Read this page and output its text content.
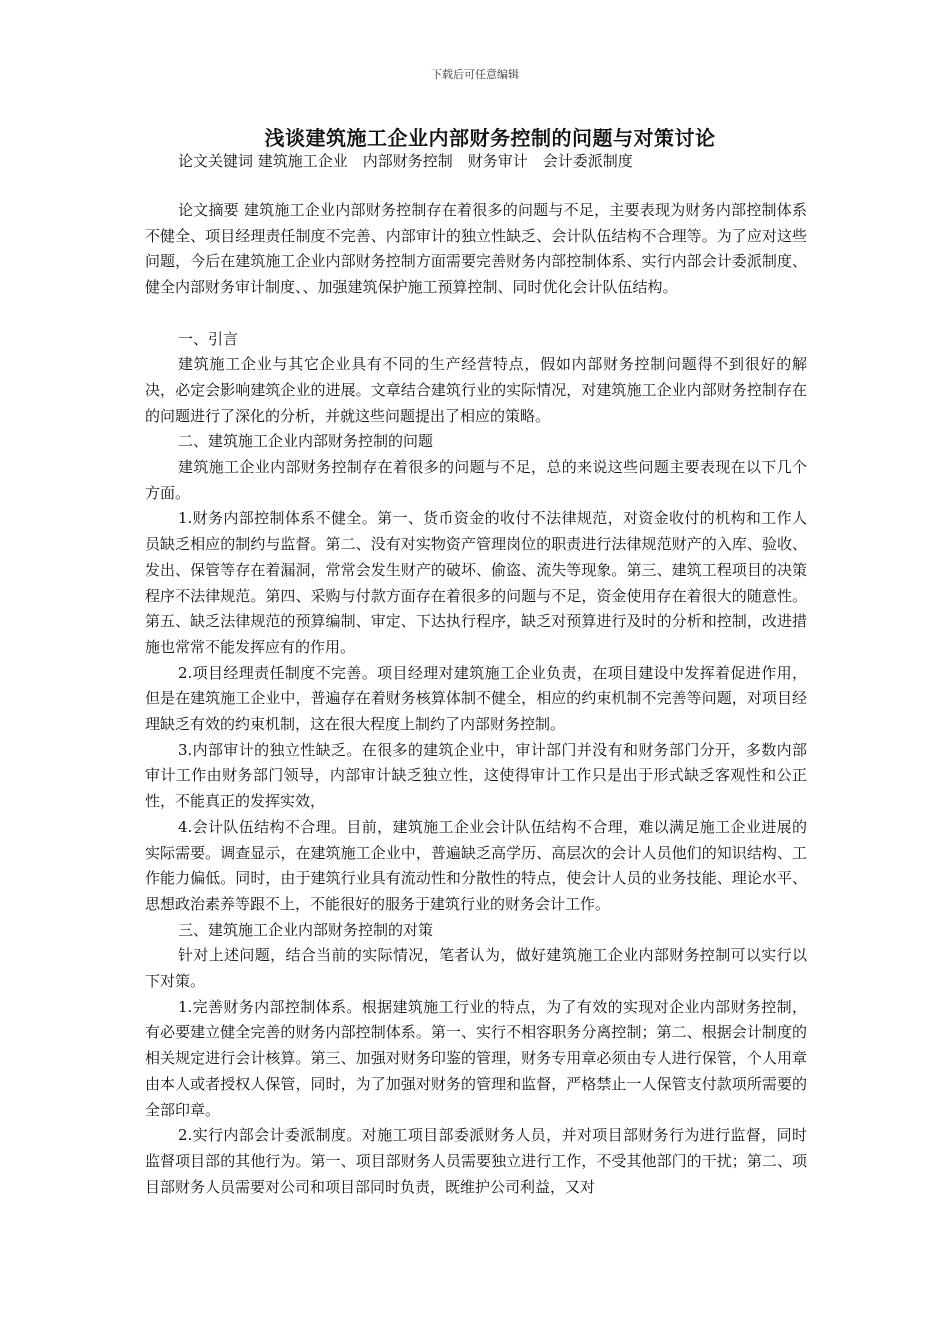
下载后可任意编辑
浅谈建筑施工企业内部财务控制的问题与对策讨论
论文关键词 建筑施工企业　内部财务控制　财务审计　会计委派制度

论文摘要 建筑施工企业内部财务控制存在着很多的问题与不足，主要表现为财务内部控制体系不健全、项目经理责任制度不完善、内部审计的独立性缺乏、会计队伍结构不合理等。为了应对这些问题，今后在建筑施工企业内部财务控制方面需要完善财务内部控制体系、实行内部会计委派制度、健全内部财务审计制度、、加强建筑保护施工预算控制、同时优化会计队伍结构。

一、引言

建筑施工企业与其它企业具有不同的生产经营特点，假如内部财务控制问题得不到很好的解决，必定会影响建筑企业的进展。文章结合建筑行业的实际情况，对建筑施工企业内部财务控制存在的问题进行了深化的分析，并就这些问题提出了相应的策略。

二、建筑施工企业内部财务控制的问题

建筑施工企业内部财务控制存在着很多的问题与不足，总的来说这些问题主要表现在以下几个方面。

1.财务内部控制体系不健全。第一、货币资金的收付不法律规范，对资金收付的机构和工作人员缺乏相应的制约与监督。第二、没有对实物资产管理岗位的职责进行法律规范财产的入库、验收、发出、保管等存在着漏洞，常常会发生财产的破坏、偷盗、流失等现象。第三、建筑工程项目的决策程序不法律规范。第四、采购与付款方面存在着很多的问题与不足，资金使用存在着很大的随意性。第五、缺乏法律规范的预算编制、审定、下达执行程序，缺乏对预算进行及时的分析和控制，改进措施也常常不能发挥应有的作用。

2.项目经理责任制度不完善。项目经理对建筑施工企业负责，在项目建设中发挥着促进作用，但是在建筑施工企业中，普遍存在着财务核算体制不健全，相应的约束机制不完善等问题，对项目经理缺乏有效的约束机制，这在很大程度上制约了内部财务控制。

3.内部审计的独立性缺乏。在很多的建筑企业中，审计部门并没有和财务部门分开，多数内部审计工作由财务部门领导，内部审计缺乏独立性，这使得审计工作只是出于形式缺乏客观性和公正性，不能真正的发挥实效，

4.会计队伍结构不合理。目前，建筑施工企业会计队伍结构不合理，难以满足施工企业进展的实际需要。调查显示，在建筑施工企业中，普遍缺乏高学历、高层次的会计人员他们的知识结构、工作能力偏低。同时，由于建筑行业具有流动性和分散性的特点，使会计人员的业务技能、理论水平、思想政治素养等跟不上，不能很好的服务于建筑行业的财务会计工作。

三、建筑施工企业内部财务控制的对策

针对上述问题，结合当前的实际情况，笔者认为，做好建筑施工企业内部财务控制可以实行以下对策。

1.完善财务内部控制体系。根据建筑施工行业的特点，为了有效的实现对企业内部财务控制，有必要建立健全完善的财务内部控制体系。第一、实行不相容职务分离控制；第二、根据会计制度的相关规定进行会计核算。第三、加强对财务印鉴的管理，财务专用章必须由专人进行保管，个人用章由本人或者授权人保管，同时，为了加强对财务的管理和监督，严格禁止一人保管支付款项所需要的全部印章。

2.实行内部会计委派制度。对施工项目部委派财务人员，并对项目部财务行为进行监督，同时监督项目部的其他行为。第一、项目部财务人员需要独立进行工作，不受其他部门的干扰；第二、项目部财务人员需要对公司和项目部同时负责，既维护公司利益，又对
